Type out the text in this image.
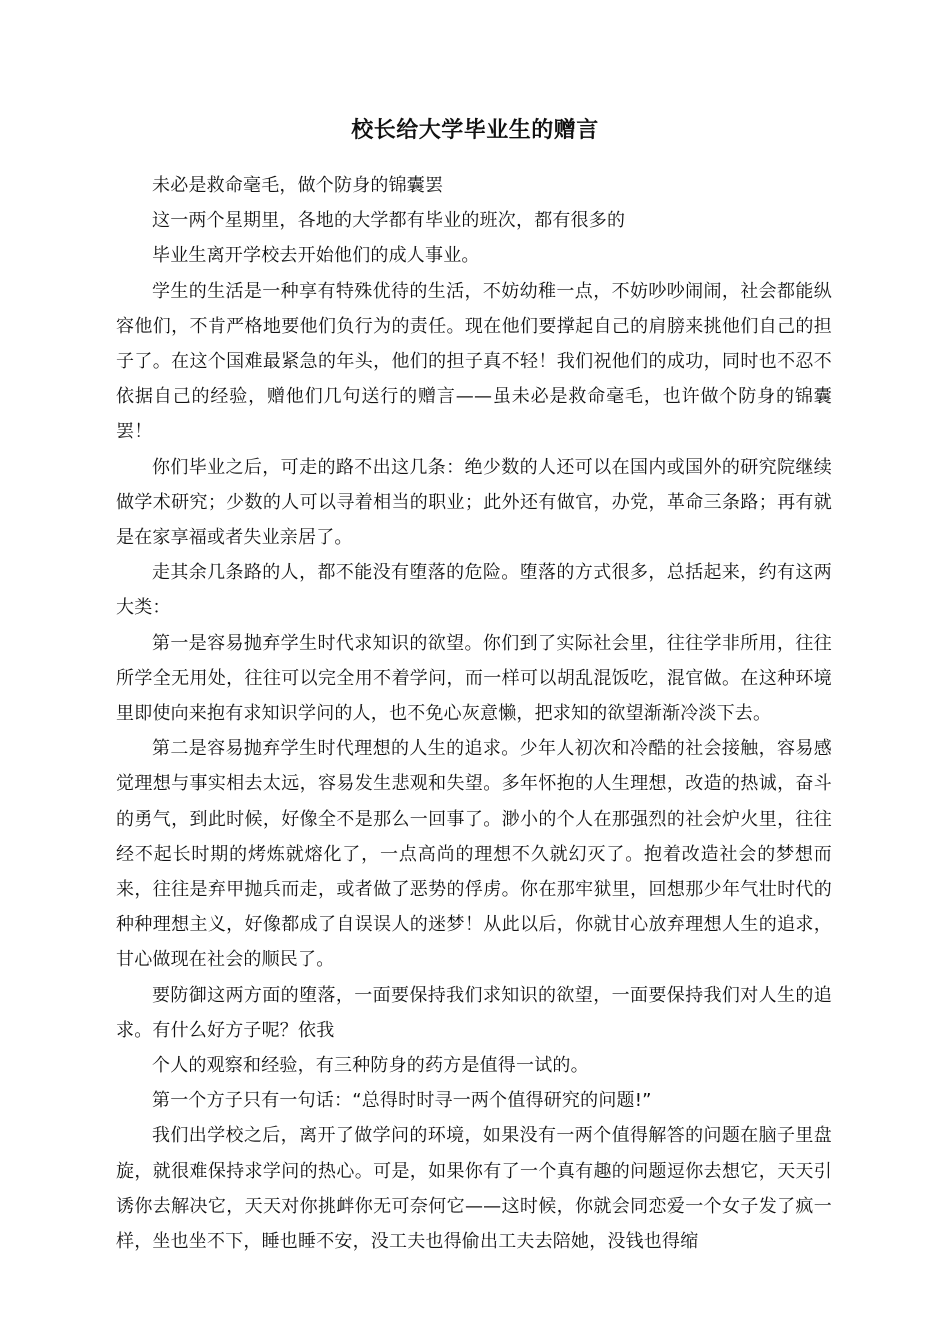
校长给大学毕业生的赠言

未必是救命毫毛，做个防身的锦囊罢

这一两个星期里，各地的大学都有毕业的班次，都有很多的

毕业生离开学校去开始他们的成人事业。

学生的生活是一种享有特殊优待的生活，不妨幼稚一点，不妨吵吵闹闹，社会都能纵容他们，不肯严格地要他们负行为的责任。现在他们要撑起自己的肩膀来挑他们自己的担子了。在这个国难最紧急的年头，他们的担子真不轻！我们祝他们的成功，同时也不忍不依据自己的经验，赠他们几句送行的赠言——虽未必是救命毫毛，也许做个防身的锦囊罢！

你们毕业之后，可走的路不出这几条：绝少数的人还可以在国内或国外的研究院继续做学术研究；少数的人可以寻着相当的职业；此外还有做官，办党，革命三条路；再有就是在家享福或者失业亲居了。

走其余几条路的人，都不能没有堕落的危险。堕落的方式很多，总括起来，约有这两大类：

第一是容易抛弃学生时代求知识的欲望。你们到了实际社会里，往往学非所用，往往所学全无用处，往往可以完全用不着学问，而一样可以胡乱混饭吃，混官做。在这种环境里即使向来抱有求知识学问的人，也不免心灰意懒，把求知的欲望渐渐冷淡下去。

第二是容易抛弃学生时代理想的人生的追求。少年人初次和冷酷的社会接触，容易感觉理想与事实相去太远，容易发生悲观和失望。多年怀抱的人生理想，改造的热诚，奋斗的勇气，到此时候，好像全不是那么一回事了。渺小的个人在那强烈的社会炉火里，往往经不起长时期的烤炼就熔化了，一点高尚的理想不久就幻灭了。抱着改造社会的梦想而来，往往是弃甲抛兵而走，或者做了恶势的俘虏。你在那牢狱里，回想那少年气壮时代的种种理想主义，好像都成了自误误人的迷梦！从此以后，你就甘心放弃理想人生的追求，甘心做现在社会的顺民了。

要防御这两方面的堕落，一面要保持我们求知识的欲望，一面要保持我们对人生的追求。有什么好方子呢？依我

个人的观察和经验，有三种防身的药方是值得一试的。

第一个方子只有一句话：“总得时时寻一两个值得研究的问题!”

我们出学校之后，离开了做学问的环境，如果没有一两个值得解答的问题在脑子里盘旋，就很难保持求学问的热心。可是，如果你有了一个真有趣的问题逗你去想它，天天引诱你去解决它，天天对你挑衅你无可奈何它——这时候，你就会同恋爱一个女子发了疯一样，坐也坐不下，睡也睡不安，没工夫也得偷出工夫去陪她，没钱也得缩
